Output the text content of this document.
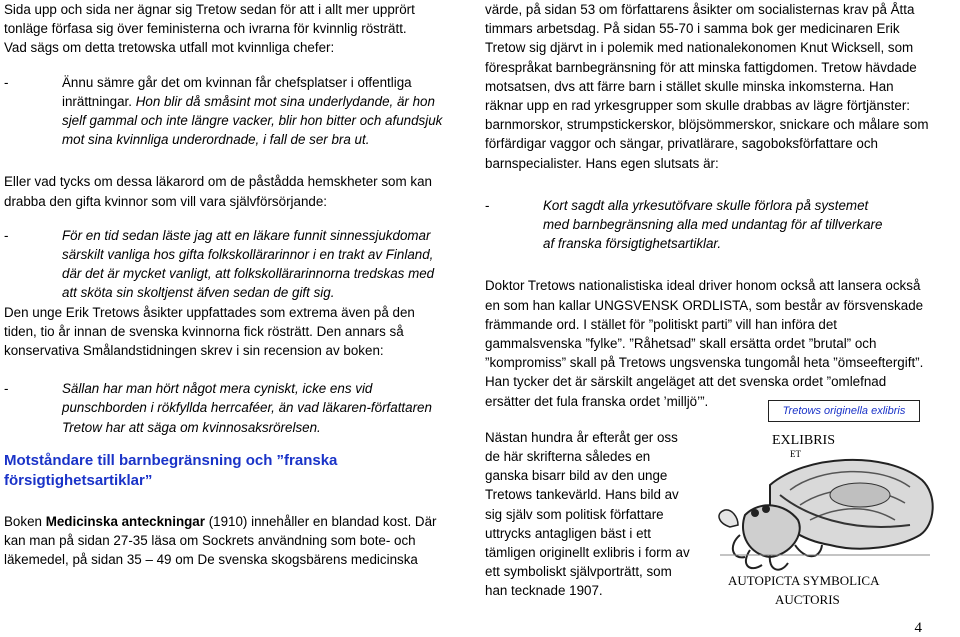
Sida upp och sida ner ägnar sig Tretow sedan för att i allt mer upprört tonläge förfasa sig över feministerna och ivrarna för kvinnlig rösträtt. Vad sägs om detta tretowska utfall mot kvinnliga chefer:

-	Ännu sämre går det om kvinnan får chefsplatser i offentliga inrättningar. Hon blir då småsint mot sina underlydande, är hon sjelf gammal och inte längre vacker, blir hon bitter och afundsjuk mot sina kvinnliga underordnade, i fall de ser bra ut.

Eller vad tycks om dessa läkarord om de påstådda hemskheter som kan drabba den gifta kvinnor som vill vara självförsörjande:

-	För en tid sedan läste jag att en läkare funnit sinnessjukdomar särskilt vanliga hos gifta folkskollärarinnor i en trakt av Finland, där det är mycket vanligt, att folkskollärarinnorna tredskas med att sköta sin skoltjenst äfven sedan de gift sig.

Den unge Erik Tretows åsikter uppfattades som extrema även på den tiden, tio år innan de svenska kvinnorna fick rösträtt. Den annars så konservativa Smålandstidningen skrev i sin recension av boken:

-	Sällan har man hört något mera cyniskt, icke ens vid punschborden i rökfyllda herrcaféer, än vad läkaren-författaren Tretow har att säga om kvinnosaksrörelsen.

Motståndare till barnbegränsning och ”franska försigtighetsartiklar”

Boken Medicinska anteckningar (1910) innehåller en blandad kost. Där kan man på sidan 27-35 läsa om Sockrets användning som bote- och läkemedel, på sidan 35 – 49 om De svenska skogsbärens medicinska

värde, på sidan 53 om författarens åsikter om socialisternas krav på Åtta timmars arbetsdag. På sidan 55-70 i samma bok ger medicinaren Erik Tretow sig djärvt in i polemik med nationalekonomen Knut Wicksell, som förespråkat barnbegränsning för att minska fattigdomen. Tretow hävdade motsatsen, dvs att färre barn i stället skulle minska inkomsterna. Han räknar upp en rad yrkesgrupper som skulle drabbas av lägre förtjänster: barnmorskor, strumpstickerskor, blöjsömmerskor, snickare och målare som förfärdigar vaggor och sängar, privatlärare, sagoboksförfattare och barnspecialister. Hans egen slutsats är:

-	Kort sagdt alla yrkesutöfvare skulle förlora på systemet med barnbegränsning alla med undantag för af tillverkare af franska försigtighetsartiklar.

Doktor Tretows nationalistiska ideal driver honom också att lansera också en som han kallar UNGSVENSK ORDLISTA, som består av försvenskade främmande ord. I stället för ”politiskt parti” vill han införa det gammalsvenska ”fylke”. ”Råhetsad” skall ersätta ordet ”brutal” och ”kompromiss” skall på Tretows ungsvenska tungomål heta ”ömseeftergift”. Han tycker det är särskilt angeläget att det svenska ordet ”omlefnad ersätter det fula franska ordet ’milljö’”.

Nästan hundra år efteråt ger oss de här skrifterna således en ganska bisarr bild av den unge Tretows tankevärld. Hans bild av sig själv som politisk författare uttrycks antagligen bäst i ett tämligen originellt exlibris i form av ett symboliskt självporträtt, som han tecknade 1907.

EXLIBRIS
ET
AUTOPICTA SYMBOLICA
AUCTORIS
Tretows originella exlibris
4
